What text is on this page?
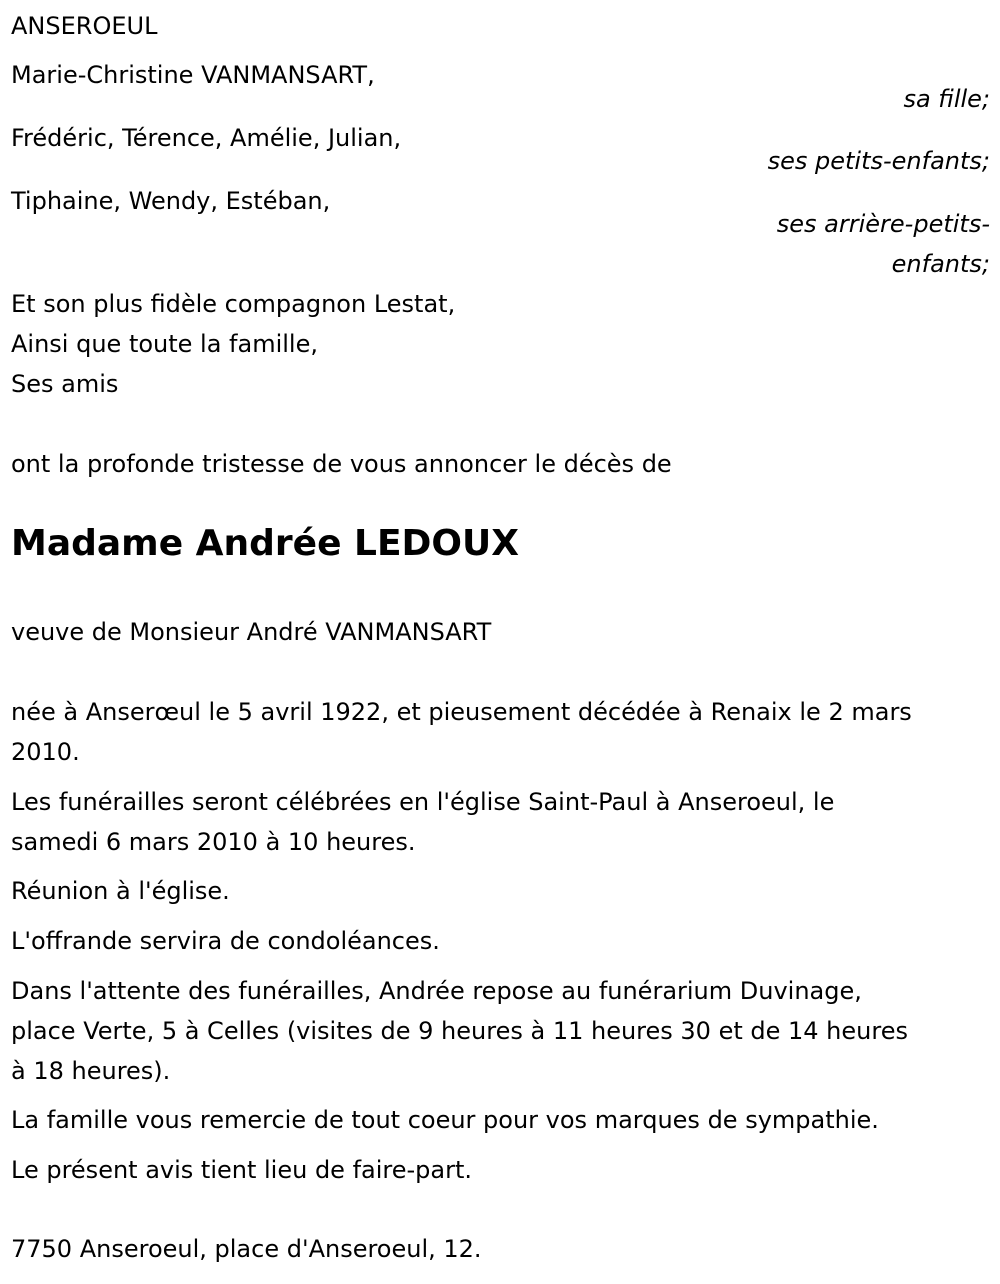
ANSEROEUL
Marie-Christine VANMANSART,
sa fille;
Frédéric, Térence, Amélie, Julian,
ses petits-enfants;
Tiphaine, Wendy, Estéban,
ses arrière-petits-
enfants;
Et son plus fidèle compagnon Lestat,
Ainsi que toute la famille,
Ses amis
ont la profonde tristesse de vous annoncer le décès de
Madame Andrée LEDOUX
veuve de Monsieur André VANMANSART
née à Anserœul le 5 avril 1922, et pieusement décédée à Renaix le 2 mars
2010.
Les funérailles seront célébrées en l'église Saint-Paul à Anseroeul, le
samedi 6 mars 2010 à 10 heures.
Réunion à l'église.
L'offrande servira de condoléances.
Dans l'attente des funérailles, Andrée repose au funérarium Duvinage,
place Verte, 5 à Celles (visites de 9 heures à 11 heures 30 et de 14 heures
à 18 heures).
La famille vous remercie de tout coeur pour vos marques de sympathie.
Le présent avis tient lieu de faire-part.
7750 Anseroeul, place d'Anseroeul, 12.
